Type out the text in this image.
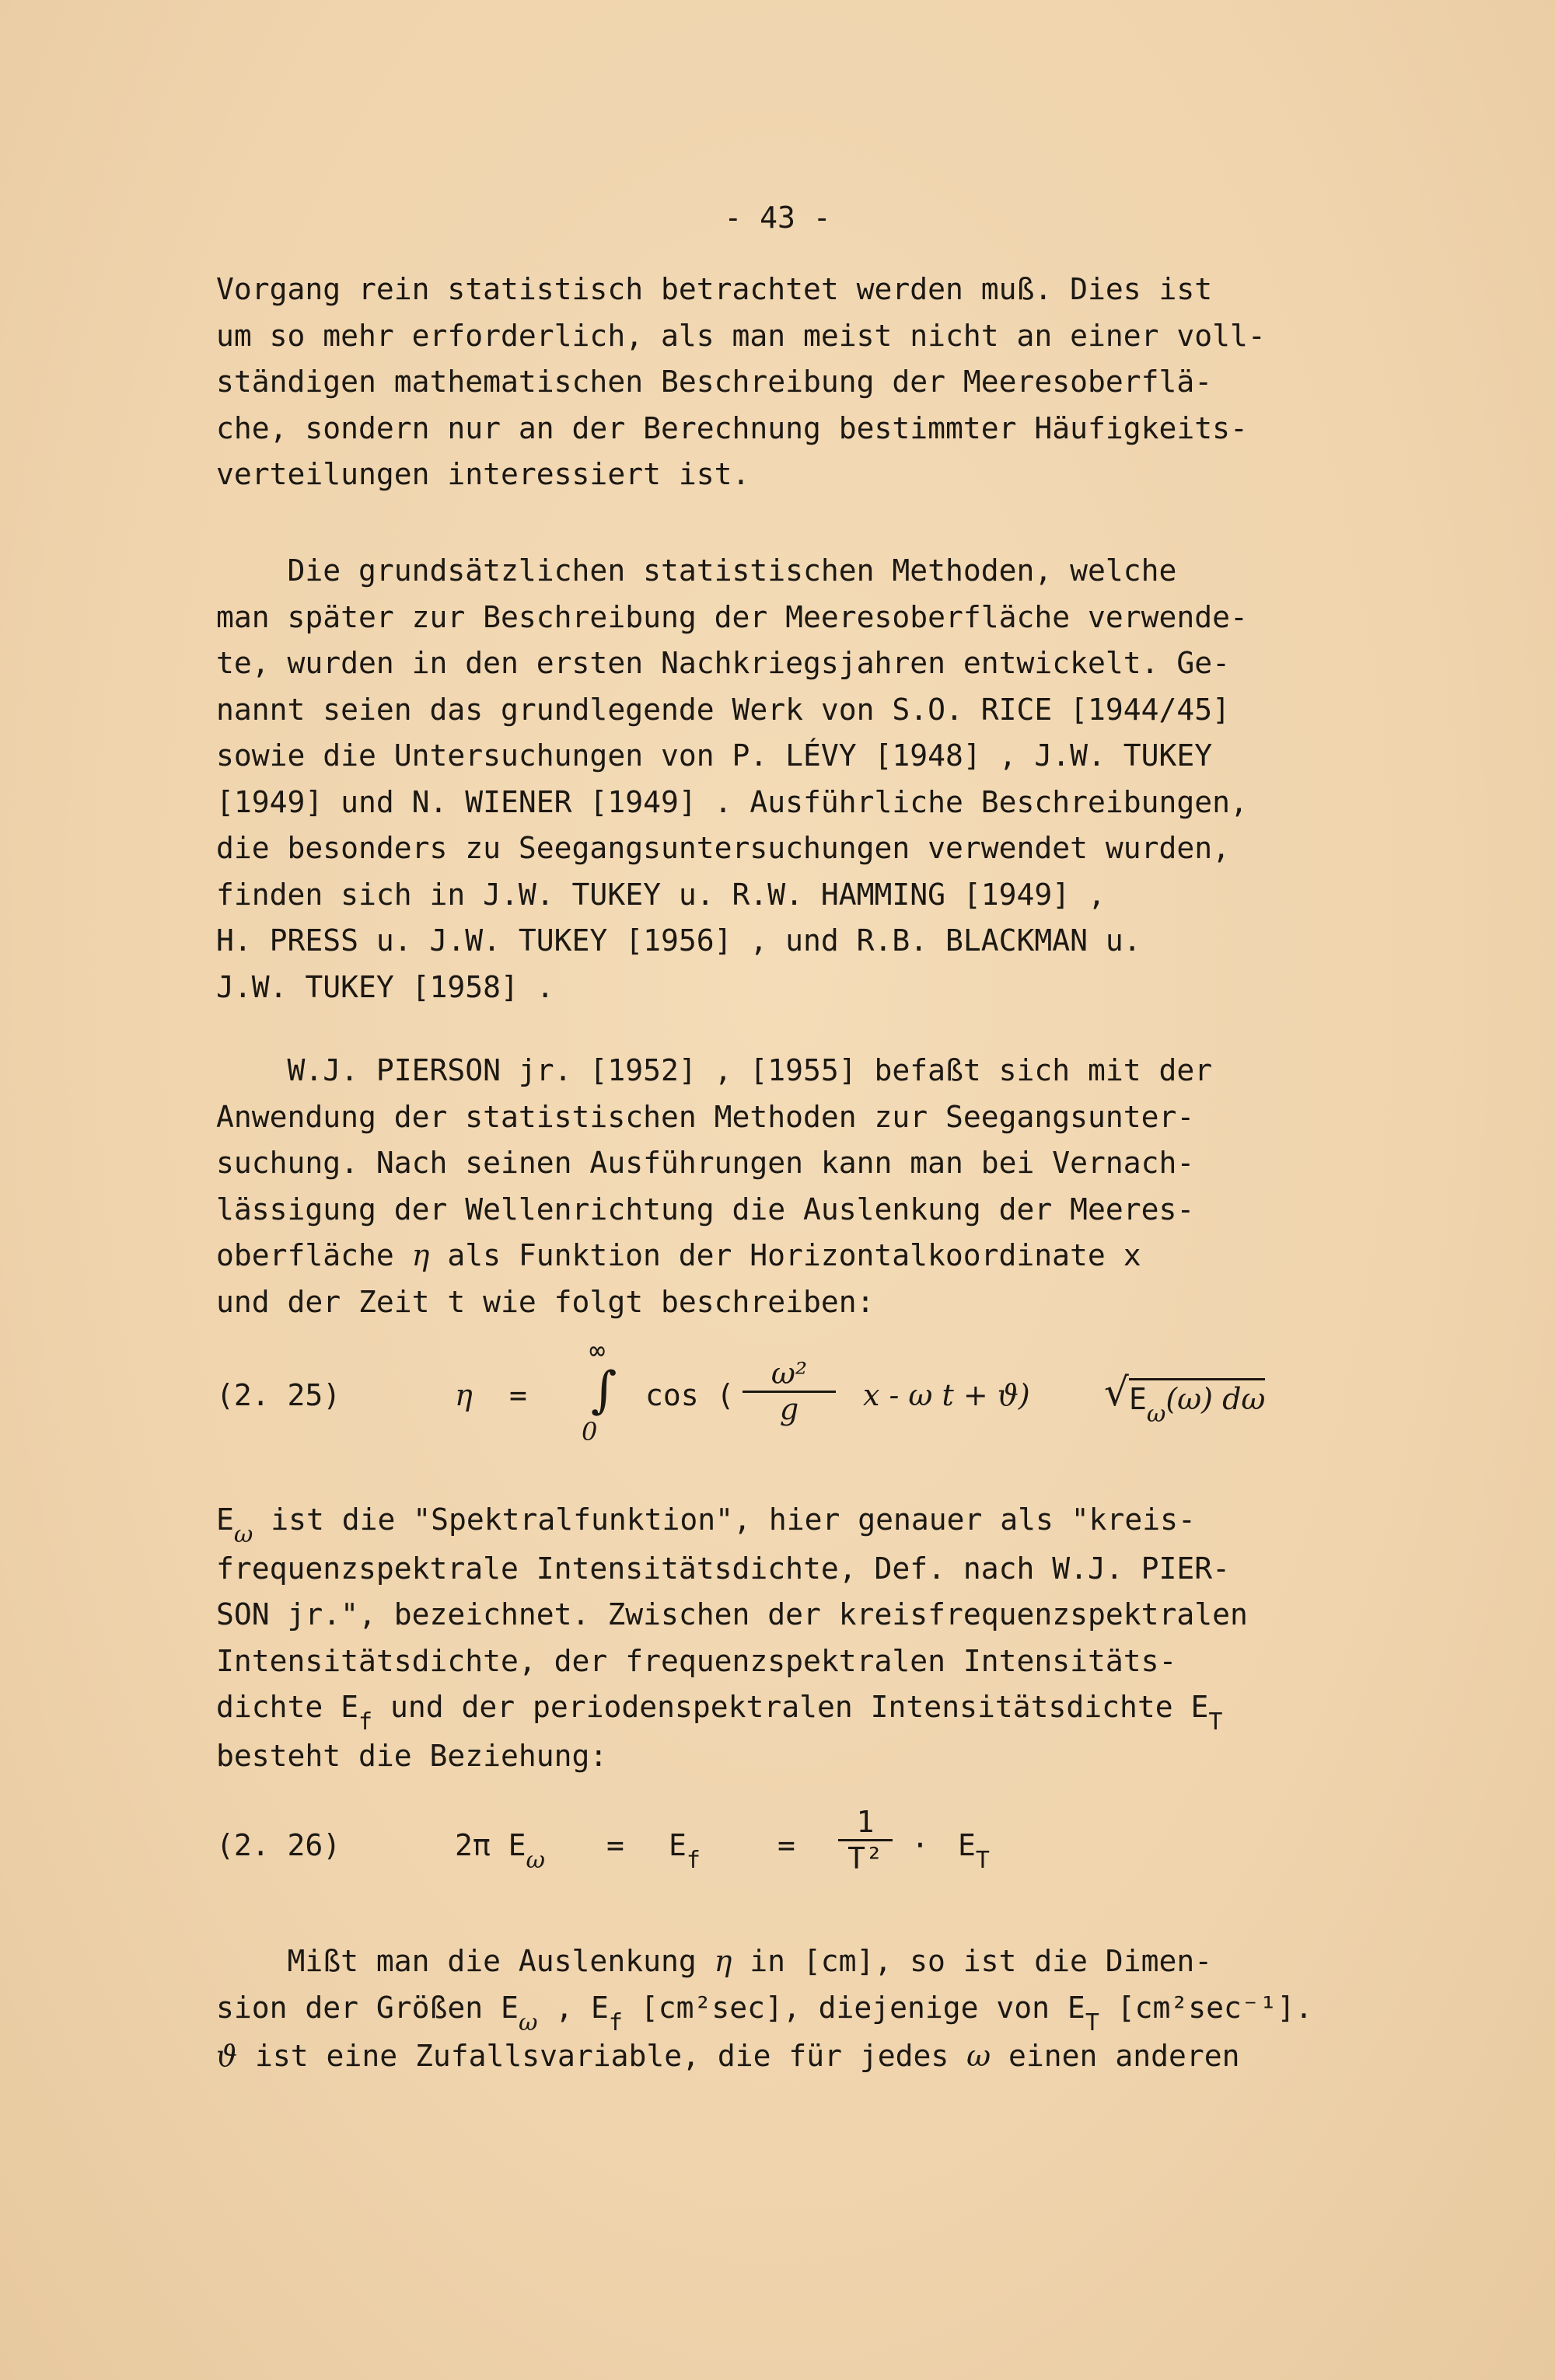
- 43 -
Vorgang rein statistisch betrachtet werden muß. Dies ist
um so mehr erforderlich, als man meist nicht an einer voll-
ständigen mathematischen Beschreibung der Meeresoberflä-
che, sondern nur an der Berechnung bestimmter Häufigkeits-
verteilungen interessiert ist.
Die grundsätzlichen statistischen Methoden, welche
man später zur Beschreibung der Meeresoberfläche verwende-
te, wurden in den ersten Nachkriegsjahren entwickelt. Ge-
nannt seien das grundlegende Werk von S.O. RICE [1944/45]
sowie die Untersuchungen von P. LÉVY [1948] , J.W. TUKEY
[1949] und N. WIENER [1949] . Ausführliche Beschreibungen,
die besonders zu Seegangsuntersuchungen verwendet wurden,
finden sich in J.W. TUKEY u. R.W. HAMMING [1949] ,
H. PRESS u. J.W. TUKEY [1956] , und R.B. BLACKMAN u.
J.W. TUKEY [1958] .
W.J. PIERSON jr. [1952] , [1955] befaßt sich mit der
Anwendung der statistischen Methoden zur Seegangsunter-
suchung. Nach seinen Ausführungen kann man bei Vernach-
lässigung der Wellenrichtung die Auslenkung der Meeres-
oberfläche η als Funktion der Horizontalkoordinate x
und der Zeit t wie folgt beschreiben:
(2. 25)	η =
∞
∫
0
cos ( $\frac{\text{ω²}}{g}$ x - ω t + ϑ) √ $E_\omega(\omega)$ dω
$E_\omega$ ist die "Spektralfunktion", hier genauer als "kreis-
frequenzspektrale Intensitätsdichte, Def. nach W.J. PIER-
SON jr.", bezeichnet. Zwischen der kreisfrequenzspektralen
Intensitätsdichte, der frequenzspektralen Intensitäts-
dichte $E_f$ und der periodenspektralen Intensitätsdichte $E_T$
besteht die Beziehung:
(2. 26)	2π $E_\omega = E_f$	= $\frac{1}{\text{T²}} \cdot E_T$
Mißt man die Auslenkung η in [cm], so ist die Dimen-
sion der Größen $E_\omega$ , $E_f$ [cm²sec], diejenige von $E_T$ [cm²sec⁻¹].
ϑ ist eine Zufallsvariable, die für jedes ω einen anderen
